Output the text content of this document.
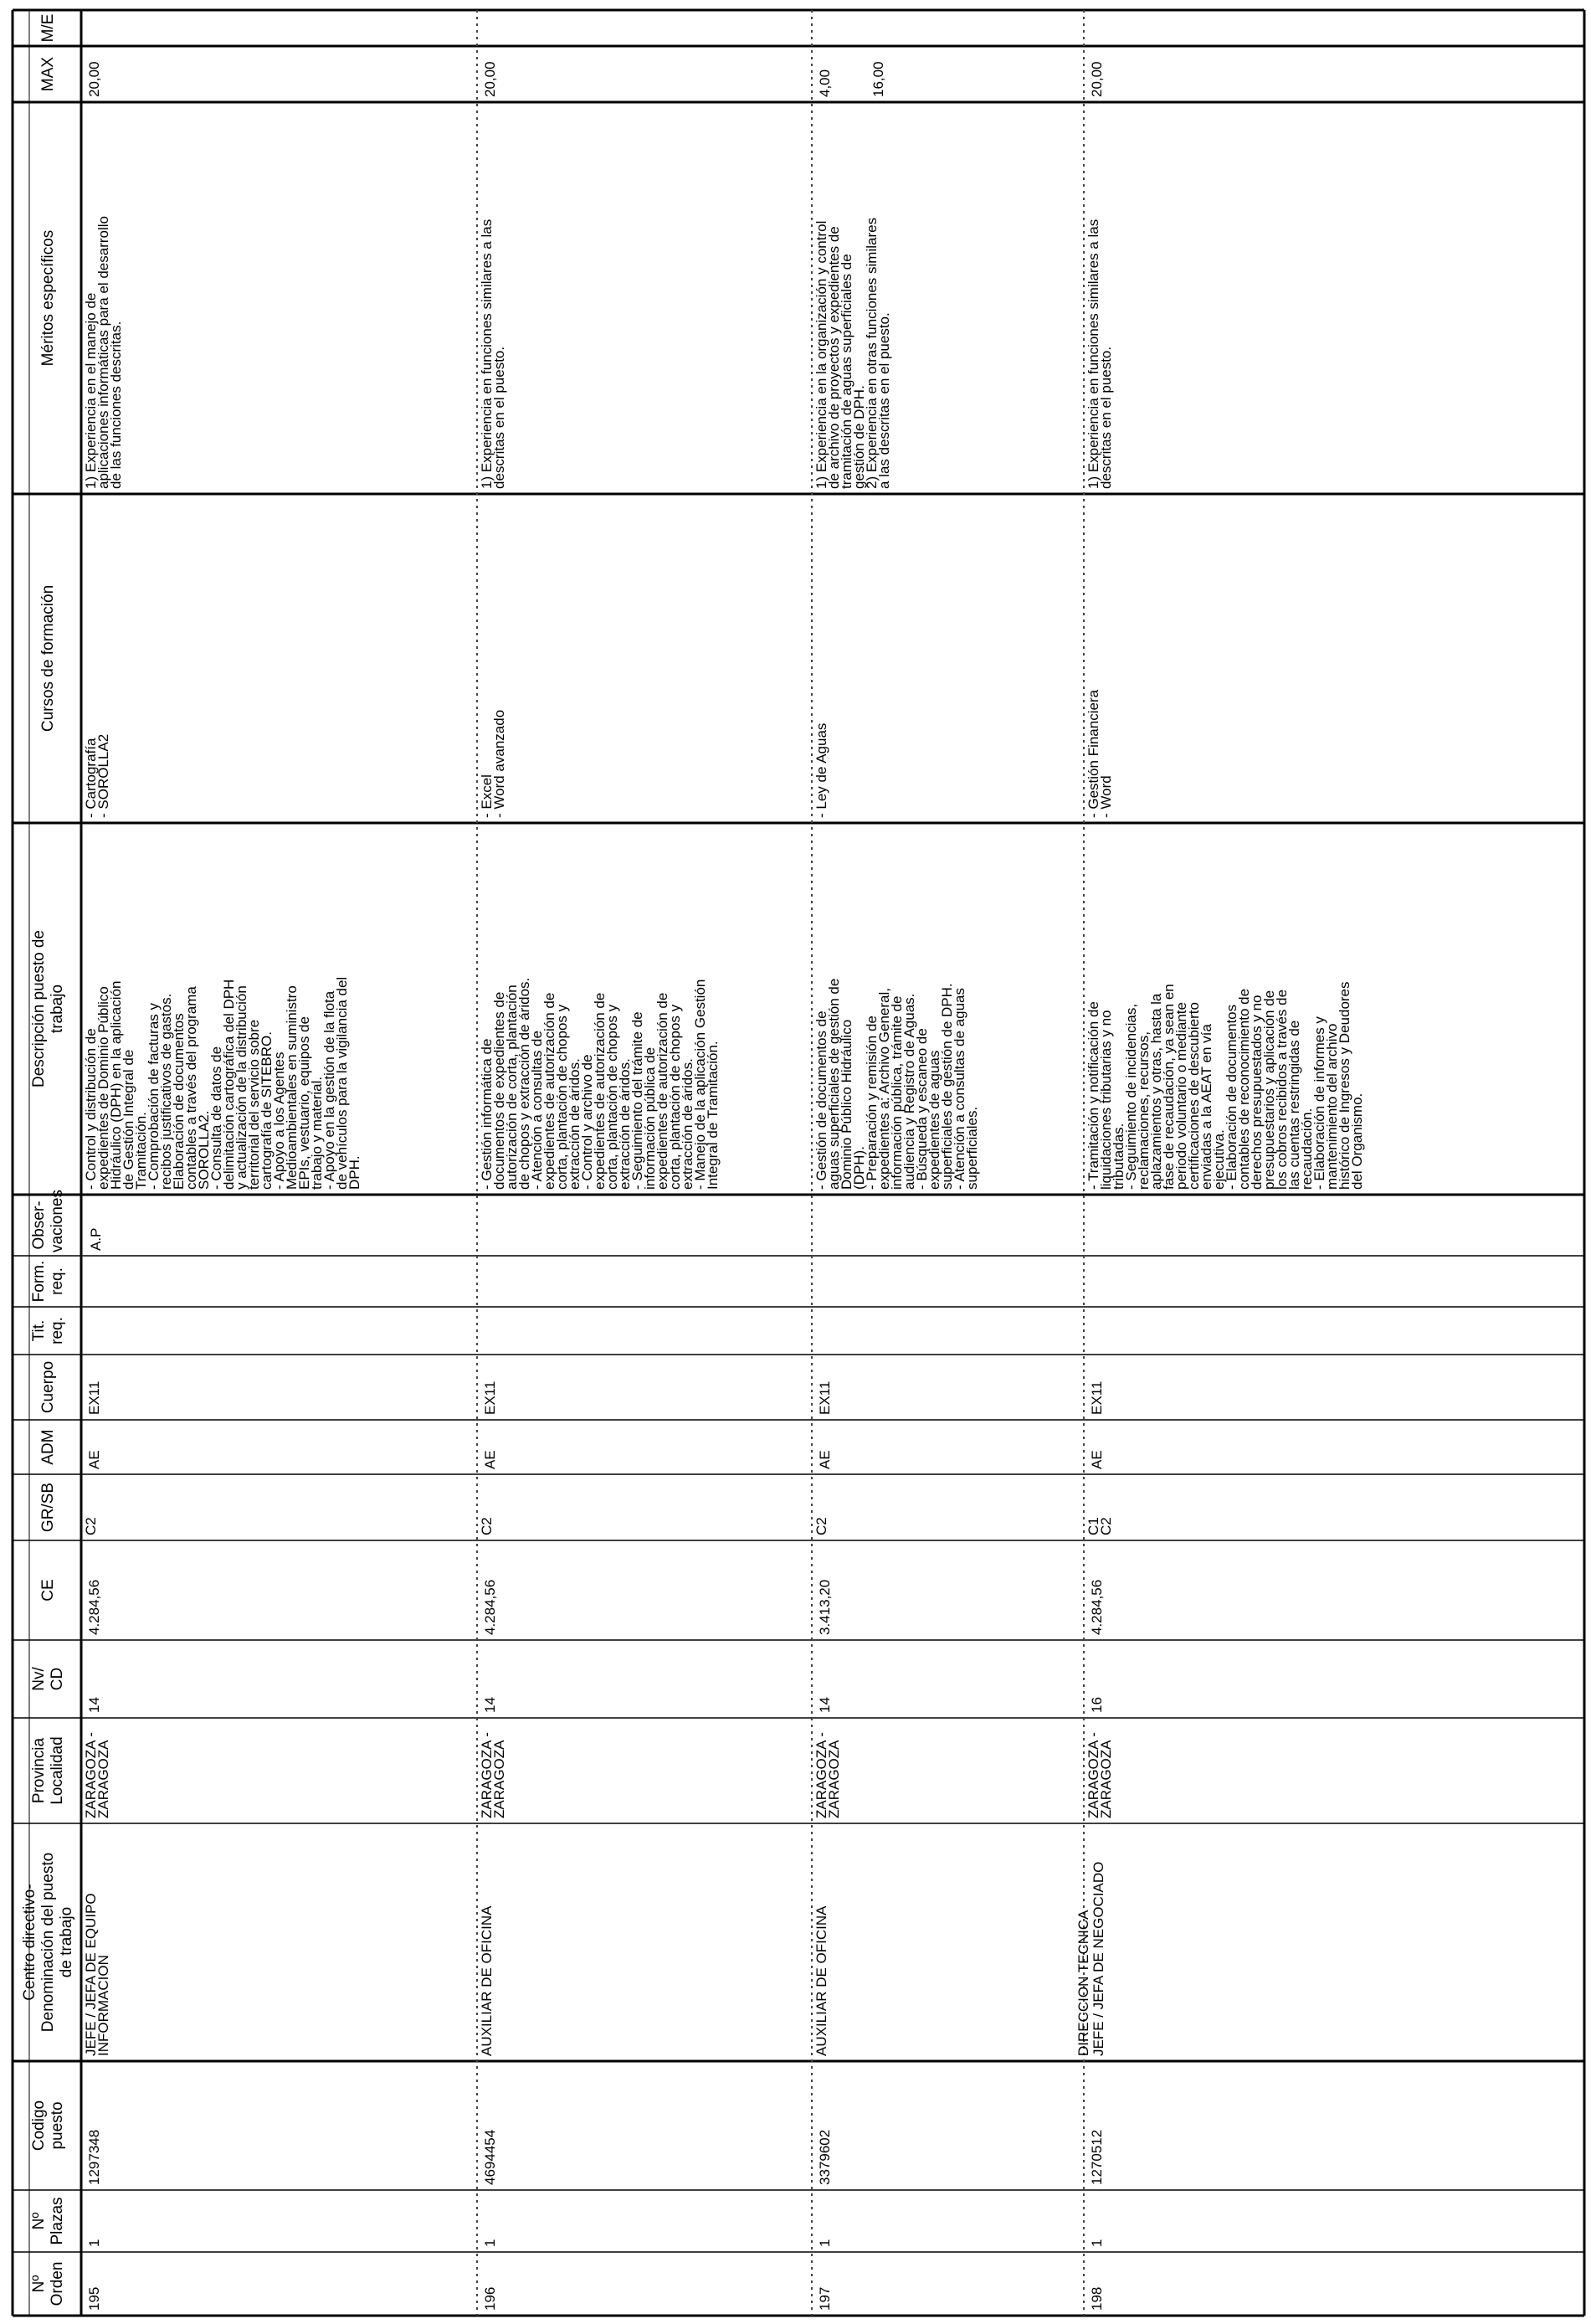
Nº
Orden
Nº
Plazas
Codigo
puesto
Centro directivo-
Denominación del puesto
de trabajo
Provincia
Localidad
Nv/
CD
CE
GR/SB
ADM
Cuerpo
Tit.
req.
Form.
req.
Obser-
vaciones
Descripción puesto de
trabajo
Cursos de formación
Méritos específicos
MAX
M/E
195
1
1297348
JEFE / JEFA DE EQUIPO
INFORMACION
ZARAGOZA -
ZARAGOZA
14
4.284,56
C2
AE
EX11
A.P
- Control y distribución de
expedientes de Dominio Público
Hidráulico (DPH) en la aplicación
de Gestión Integral de
Tramitación.
- Comprobación de facturas y
recibos justificativos de gastos.
Elaboración de documentos
contables a través del programa
SOROLLA2.
- Consulta de datos de
delimitación cartográfica del DPH
y actualización de la distribución
territorial del servicio sobre
cartografía de SITEBRO.
- Apoyo a los Agentes
Medioambientales en suministro
EPIs, vestuario, equipos de
trabajo y material.
- Apoyo en la gestión de la flota
de vehículos para la vigilancia del
DPH.
- Cartografía
- SOROLLA2
1) Experiencia en el manejo de
aplicaciones informáticas para el desarrollo
de las funciones descritas.
20,00
196
1
4694454
AUXILIAR DE OFICINA
ZARAGOZA -
ZARAGOZA
14
4.284,56
C2
AE
EX11
- Gestión informática de
documentos de expedientes de
autorización de corta, plantación
de chopos y extracción de áridos.
- Atención a consultas de
expedientes de autorización de
corta, plantación de chopos y
extracción de áridos.
- Control y archivo de
expedientes de autorización de
corta, plantación de chopos y
extracción de áridos.
- Seguimiento del trámite de
información pública de
expedientes de autorización de
corta, plantación de chopos y
extracción de áridos.
- Manejo de la aplicación Gestión
Integral de Tramitación.
- Excel
- Word avanzado
1) Experiencia en funciones similares a las
descritas en el puesto.
20,00
197
1
3379602
AUXILIAR DE OFICINA
ZARAGOZA -
ZARAGOZA
14
3.413,20
C2
AE
EX11
- Gestión de documentos de
aguas superficiales de gestión de
Dominio Público Hidráulico
(DPH).
- Preparación y remisión de
expedientes a: Archivo General,
información pública, trámite de
audiencia y Registro de Aguas.
- Búsqueda y escaneo de
expedientes de aguas
superficiales de gestión de DPH.
- Atención a consultas de aguas
superficiales.
- Ley de Aguas
1) Experiencia en la organización y control
de archivo de proyectos y expedientes de
tramitación de aguas superficiales de
gestión de DPH.
2) Experiencia en otras funciones similares
a las descritas en el puesto.
4,00	16,00
198
1
1270512
DIRECCION TECNICA JEFE / JEFA DE NEGOCIADO
ZARAGOZA -
ZARAGOZA
16
4.284,56
C1
C2
AE
EX11
- Tramitación y notificación de
liquidaciones tributarias y no
tributadas.
- Seguimiento de incidencias,
reclamaciones, recursos,
aplazamientos y otras, hasta la
fase de recaudación, ya sean en
periodo voluntario o mediante
certificaciones de descubierto
enviadas a la AEAT en vía
ejecutiva.
- Elaboración de documentos
contables de reconocimiento de
derechos presupuestados y no
presupuestarios y aplicación de
los cobros recibidos a través de
las cuentas restringidas de
recaudación.
- Elaboración de informes y
mantenimiento del archivo
histórico de Ingresos y Deudores
del Organismo.
- Gestión Financiera
- Word
1) Experiencia en funciones similares a las
descritas en el puesto.
20,00
